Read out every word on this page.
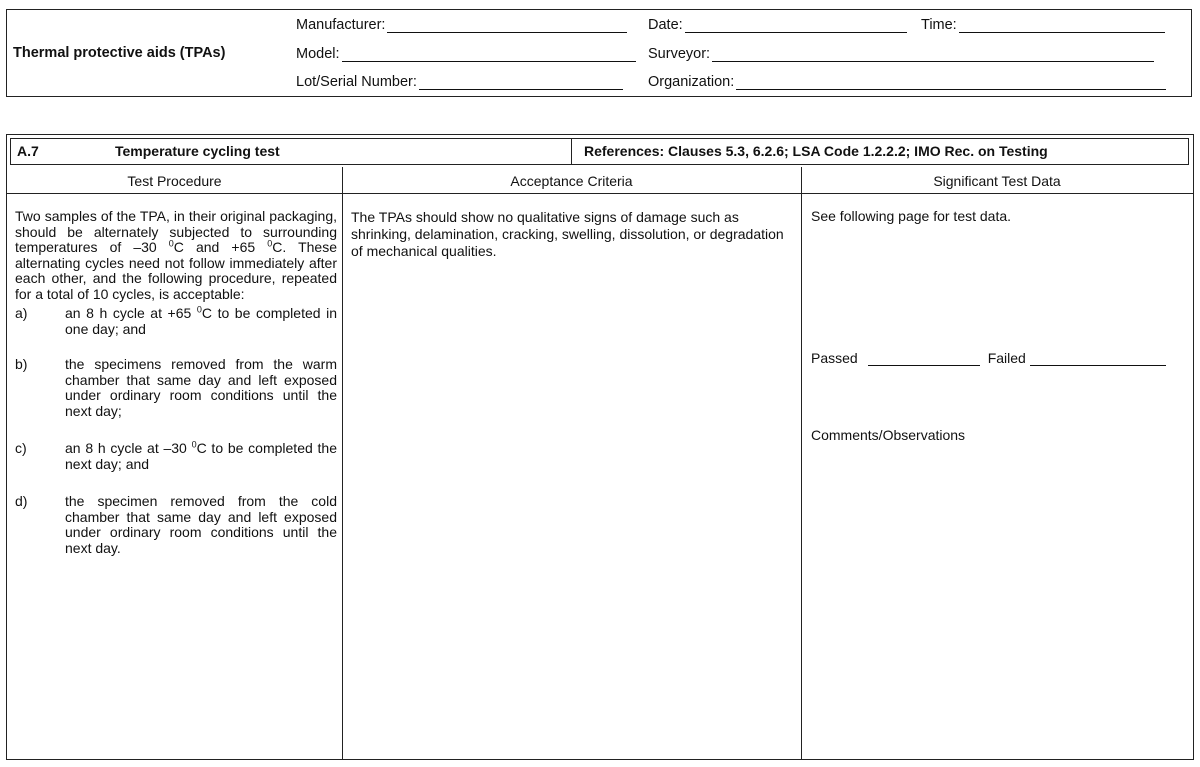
Thermal protective aids (TPAs)
Manufacturer:	Date:	Time:
Model:	Surveyor:
Lot/Serial Number:	Organization:
A.7	Temperature cycling test	References: Clauses 5.3, 6.2.6; LSA Code 1.2.2.2; IMO Rec. on Testing
Test Procedure	Acceptance Criteria	Significant Test Data

Two samples of the TPA, in their original packaging, should be alternately subjected to surrounding temperatures of –30 $^0$C and +65 $^0$C. These alternating cycles need not follow immediately after each other, and the following procedure, repeated for a total of 10 cycles, is acceptable:

a)	an 8 h cycle at +65 $^0$C to be completed in one day; and
b)	the specimens removed from the warm chamber that same day and left exposed under ordinary room conditions until the next day;
c)	an 8 h cycle at –30 $^0$C to be completed the next day; and
d)	the specimen removed from the cold chamber that same day and left exposed under ordinary room conditions until the next day.
The TPAs should show no qualitative signs of damage such as shrinking, delamination, cracking, swelling, dissolution, or degradation of mechanical qualities.
See following page for test data.
Passed	Failed
Comments/Observations
